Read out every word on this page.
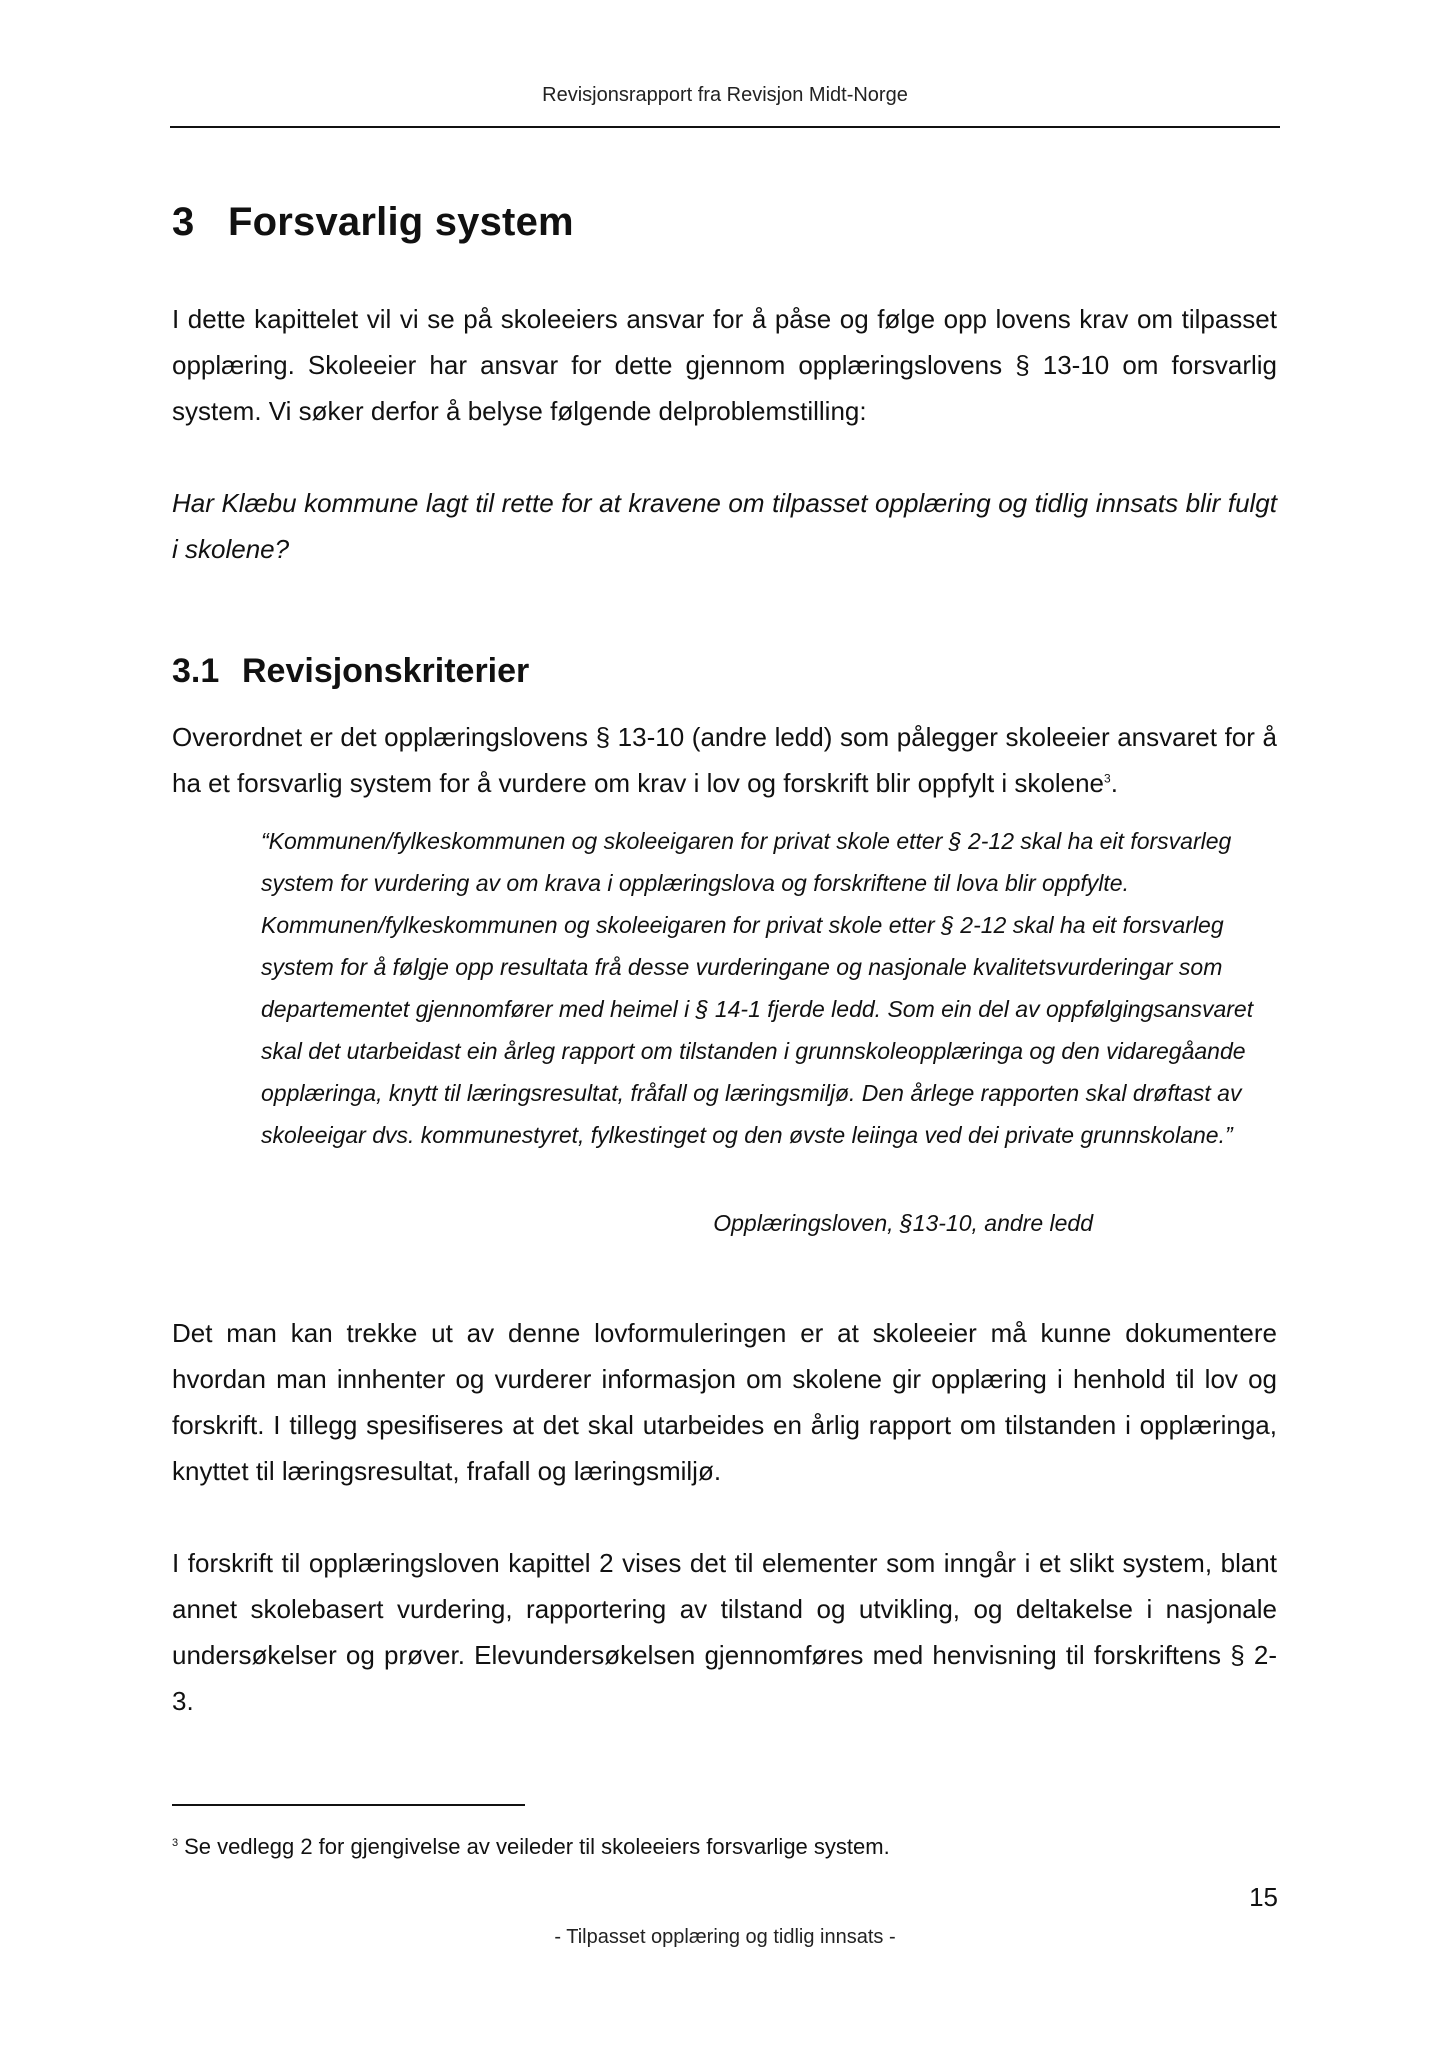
Revisjonsrapport fra Revisjon Midt-Norge
3 Forsvarlig system

I dette kapittelet vil vi se på skoleeiers ansvar for å påse og følge opp lovens krav om tilpasset opplæring. Skoleeier har ansvar for dette gjennom opplæringslovens § 13-10 om forsvarlig system. Vi søker derfor å belyse følgende delproblemstilling:

Har Klæbu kommune lagt til rette for at kravene om tilpasset opplæring og tidlig innsats blir fulgt i skolene?

3.1 Revisjonskriterier

Overordnet er det opplæringslovens § 13-10 (andre ledd) som pålegger skoleeier ansvaret for å ha et forsvarlig system for å vurdere om krav i lov og forskrift blir oppfylt i skolene$^3$.

“Kommunen/fylkeskommunen og skoleeigaren for privat skole etter § 2-12 skal ha eit forsvarleg system for vurdering av om krava i opplæringslova og forskriftene til lova blir oppfylte. Kommunen/fylkeskommunen og skoleeigaren for privat skole etter § 2-12 skal ha eit forsvarleg system for å følgje opp resultata frå desse vurderingane og nasjonale kvalitetsvurderingar som departementet gjennomfører med heimel i § 14-1 fjerde ledd. Som ein del av oppfølgingsansvaret skal det utarbeidast ein årleg rapport om tilstanden i grunnskoleopplæringa og den vidaregåande opplæringa, knytt til læringsresultat, fråfall og læringsmiljø. Den årlege rapporten skal drøftast av skoleeigar dvs. kommunestyret, fylkestinget og den øvste leiinga ved dei private grunnskolane.”

Opplæringsloven, §13-10, andre ledd

Det man kan trekke ut av denne lovformuleringen er at skoleeier må kunne dokumentere hvordan man innhenter og vurderer informasjon om skolene gir opplæring i henhold til lov og forskrift. I tillegg spesifiseres at det skal utarbeides en årlig rapport om tilstanden i opplæringa, knyttet til læringsresultat, frafall og læringsmiljø.

I forskrift til opplæringsloven kapittel 2 vises det til elementer som inngår i et slikt system, blant annet skolebasert vurdering, rapportering av tilstand og utvikling, og deltakelse i nasjonale undersøkelser og prøver. Elevundersøkelsen gjennomføres med henvisning til forskriftens § 2-3.

$^3$ Se vedlegg 2 for gjengivelse av veileder til skoleeiers forsvarlige system.
15
- Tilpasset opplæring og tidlig innsats -
